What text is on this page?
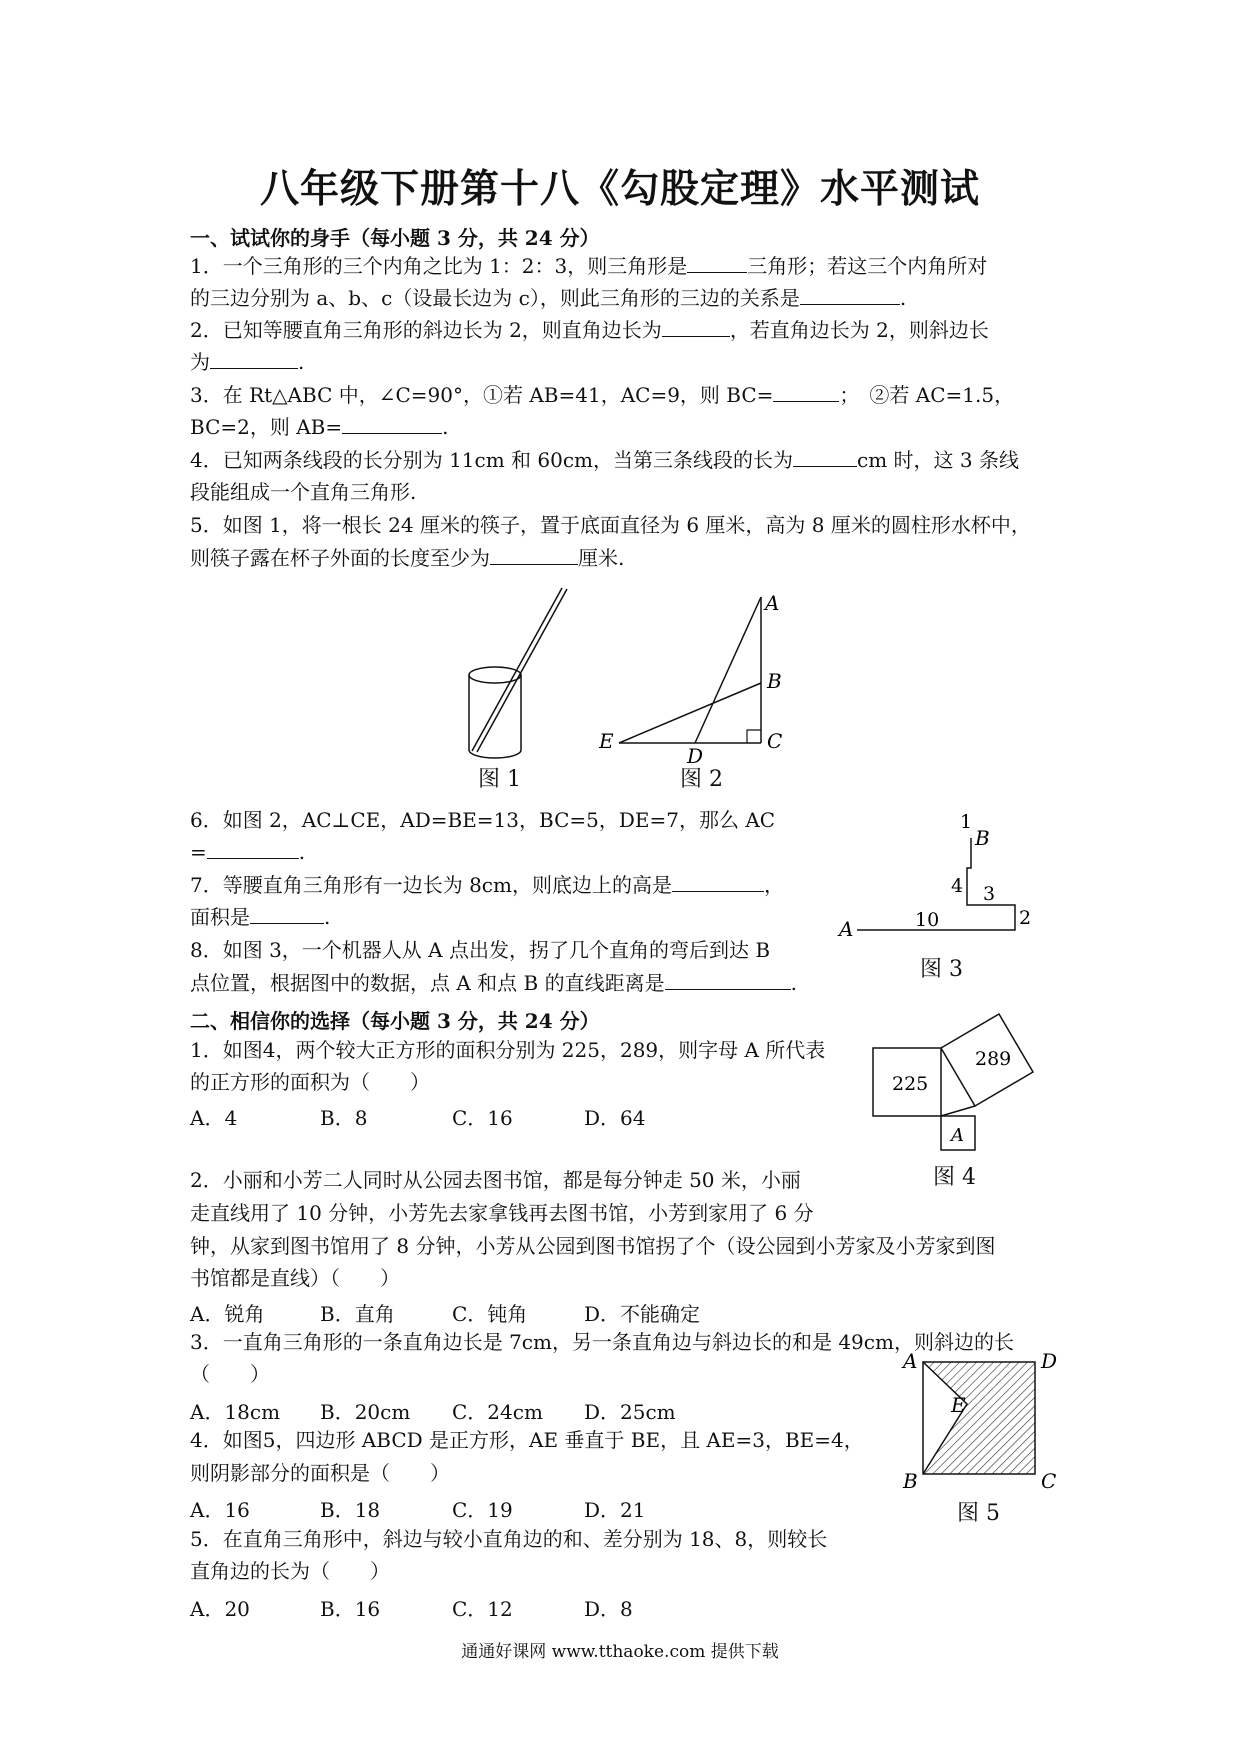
八年级下册第十八《勾股定理》水平测试
一、试试你的身手（每小题 3 分，共 24 分）
1．一个三角形的三个内角之比为 1：2：3，则三角形是	三角形；若这三个内角所对
的三边分别为 a、b、c（设最长边为 c），则此三角形的三边的关系是	.
2．已知等腰直角三角形的斜边长为 2，则直角边长为	，若直角边长为 2，则斜边长
为	.
3．在 Rt△ABC 中，∠C=90°，①若 AB=41，AC=9，则 BC=	；　②若 AC=1.5，
BC=2，则 AB=	.
4．已知两条线段的长分别为 11cm 和 60cm，当第三条线段的长为	cm 时，这 3 条线
段能组成一个直角三角形.
5．如图 1，将一根长 24 厘米的筷子，置于底面直径为 6 厘米，高为 8 厘米的圆柱形水杯中，
则筷子露在杯子外面的长度至少为	厘米.
图 1
A
B
C
D
E
图 2
6．如图 2，AC⊥CE，AD=BE=13，BC=5，DE=7，那么 AC
=	.
7．等腰直角三角形有一边长为 8cm，则底边上的高是	，
面积是	.
8．如图 3，一个机器人从 A 点出发，拐了几个直角的弯后到达 B
点位置，根据图中的数据，点 A 和点 B 的直线距离是	.
A
B
10	2
3
4
1
图 3
二、相信你的选择（每小题 3 分，共 24 分）
1．如图4，两个较大正方形的面积分别为 225，289，则字母 A 所代表
的正方形的面积为（　　）
A．4	B．8	C．16	D．64
225
289
A
图 4
2．小丽和小芳二人同时从公园去图书馆，都是每分钟走 50 米，小丽
走直线用了 10 分钟，小芳先去家拿钱再去图书馆，小芳到家用了 6 分
钟，从家到图书馆用了 8 分钟，小芳从公园到图书馆拐了个（设公园到小芳家及小芳家到图
书馆都是直线）（　　）
A．锐角	B．直角	C．钝角	D．不能确定
3．一直角三角形的一条直角边长是 7cm，另一条直角边与斜边长的和是 49cm，则斜边的长
（　　）
A．18cm B．20cm C．24cm D．25cm
A
B	C
D
E
图 5
4．如图5，四边形 ABCD 是正方形，AE 垂直于 BE，且 AE=3，BE=4，
则阴影部分的面积是（　　）
A．16	B．18	C．19	D．21
5．在直角三角形中，斜边与较小直角边的和、差分别为 18、8，则较长
直角边的长为（　　）
A．20	B．16	C．12	D．8
通通好课网 www.tthaoke.com 提供下载
